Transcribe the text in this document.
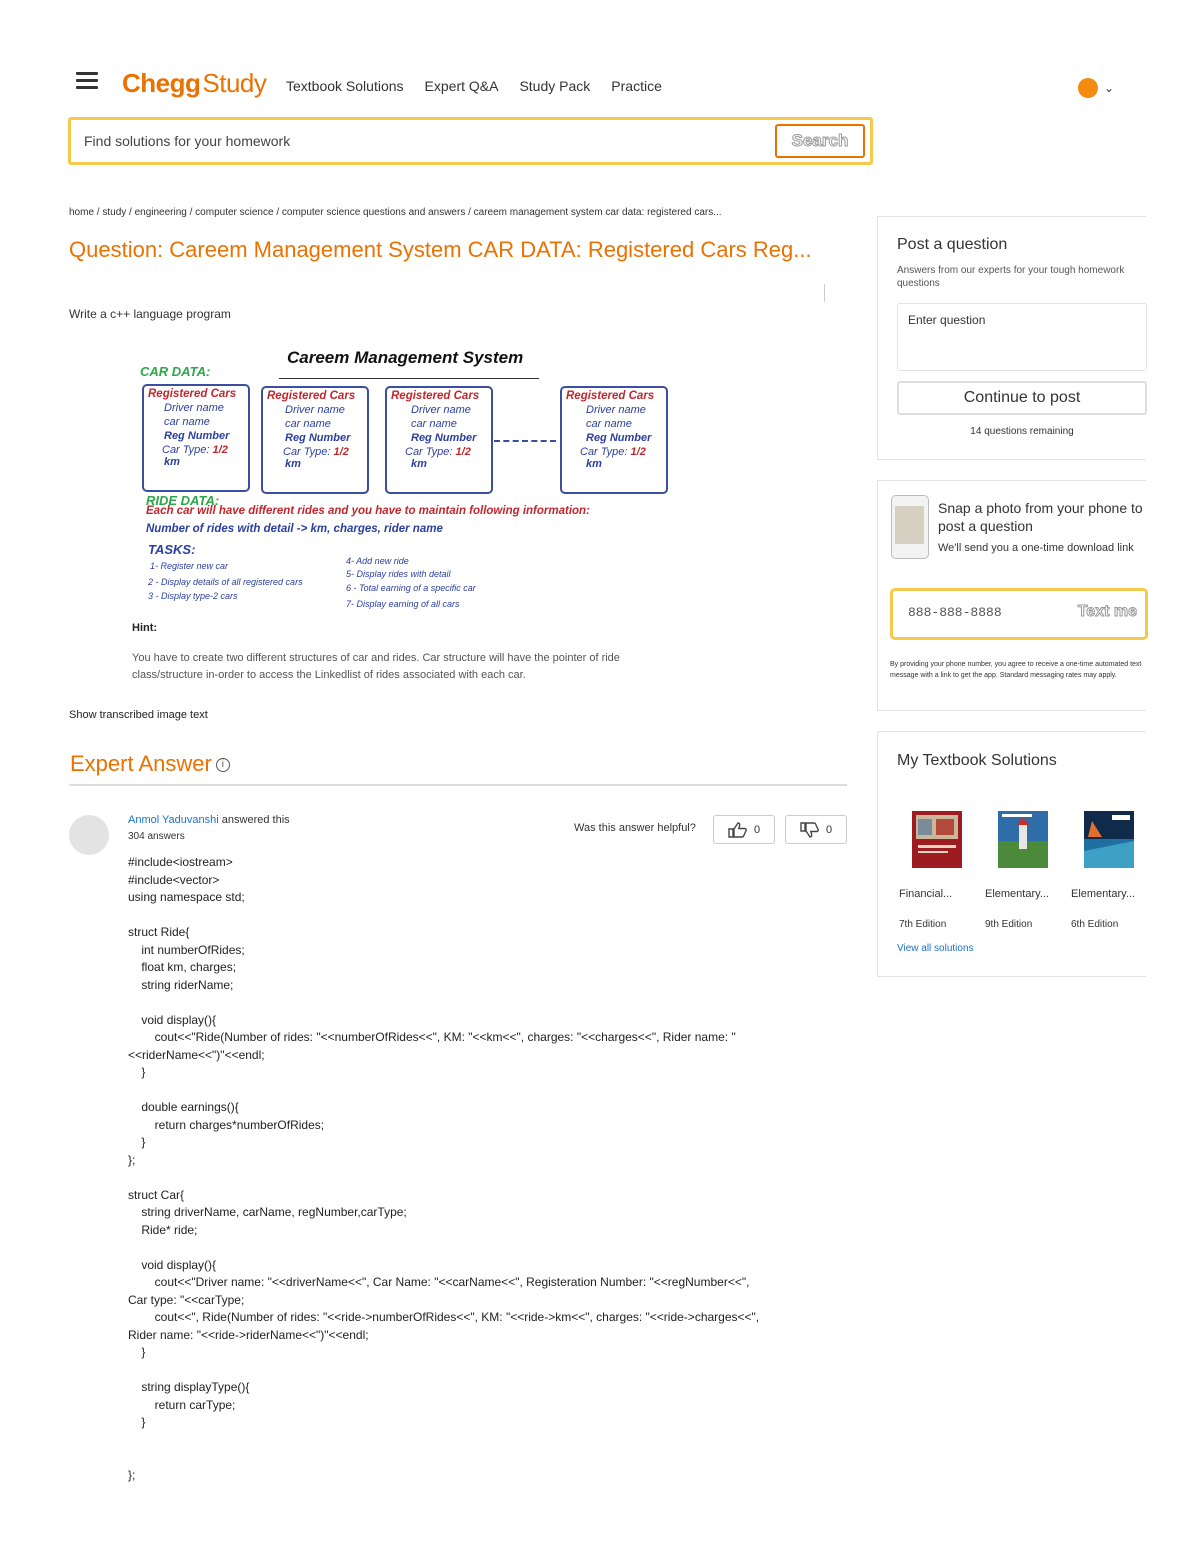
CheggStudy Textbook Solutions Expert Q&A Study Pack Practice	⌄
Find solutions for your homework
Search
home / study / engineering / computer science / computer science questions and answers / careem management system car data: registered cars...
Question: Careem Management System CAR DATA: Registered Cars Reg...
Write a c++ language program
Careem Management System
CAR DATA:
Registered Cars
Driver name
car name
Reg Number
Car Type: 1/2
km
Registered Cars
Driver name
car name
Reg Number
Car Type: 1/2
km
Registered Cars
Driver name
car name
Reg Number
Car Type: 1/2
km
Registered Cars
Driver name
car name
Reg Number
Car Type: 1/2
km
RIDE DATA:
Each car will have different rides and you have to maintain following information:
Number of rides with detail -> km, charges, rider name
TASKS:
1- Register new car
2 - Display details of all registered cars
3 - Display type-2 cars
4- Add new ride
5- Display rides with detail
6 - Total earning of a specific car
7- Display earning of all cars
Hint:
You have to create two different structures of car and rides. Car structure will have the pointer of ride class/structure in-order to access the Linkedlist of rides associated with each car.
Show transcribed image text
Expert Answer i
Anmol Yaduvanshi answered this
304 answers
Was this answer helpful?	0	0
#include<iostream>
#include<vector>
using namespace std;

struct Ride{
int numberOfRides;
float km, charges;
string riderName;

void display(){
cout<<"Ride(Number of rides: "<<numberOfRides<<", KM: "<<km<<", charges: "<<charges<<", Rider name: "<<riderName<<")"<<endl;
}

double earnings(){
return charges*numberOfRides;
}
};

struct Car{
string driverName, carName, regNumber,carType;
Ride* ride;

void display(){
cout<<"Driver name: "<<driverName<<", Car Name: "<<carName<<", Registeration Number: "<<regNumber<<", Car type: "<<carType;
cout<<", Ride(Number of rides: "<<ride->numberOfRides<<", KM: "<<ride->km<<", charges: "<<ride->charges<<", Rider name: "<<ride->riderName<<")"<<endl;
}

string displayType(){
return carType;
}

};
Post a question
Answers from our experts for your tough homework questions
Enter question
Continue to post
14 questions remaining
Snap a photo from your phone to post a question
We'll send you a one-time download link
888-888-8888
Text me
By providing your phone number, you agree to receive a one-time automated text message with a link to get the app. Standard messaging rates may apply.
My Textbook Solutions
Financial...	Elementary...	Elementary...
7th Edition	9th Edition	6th Edition
View all solutions
